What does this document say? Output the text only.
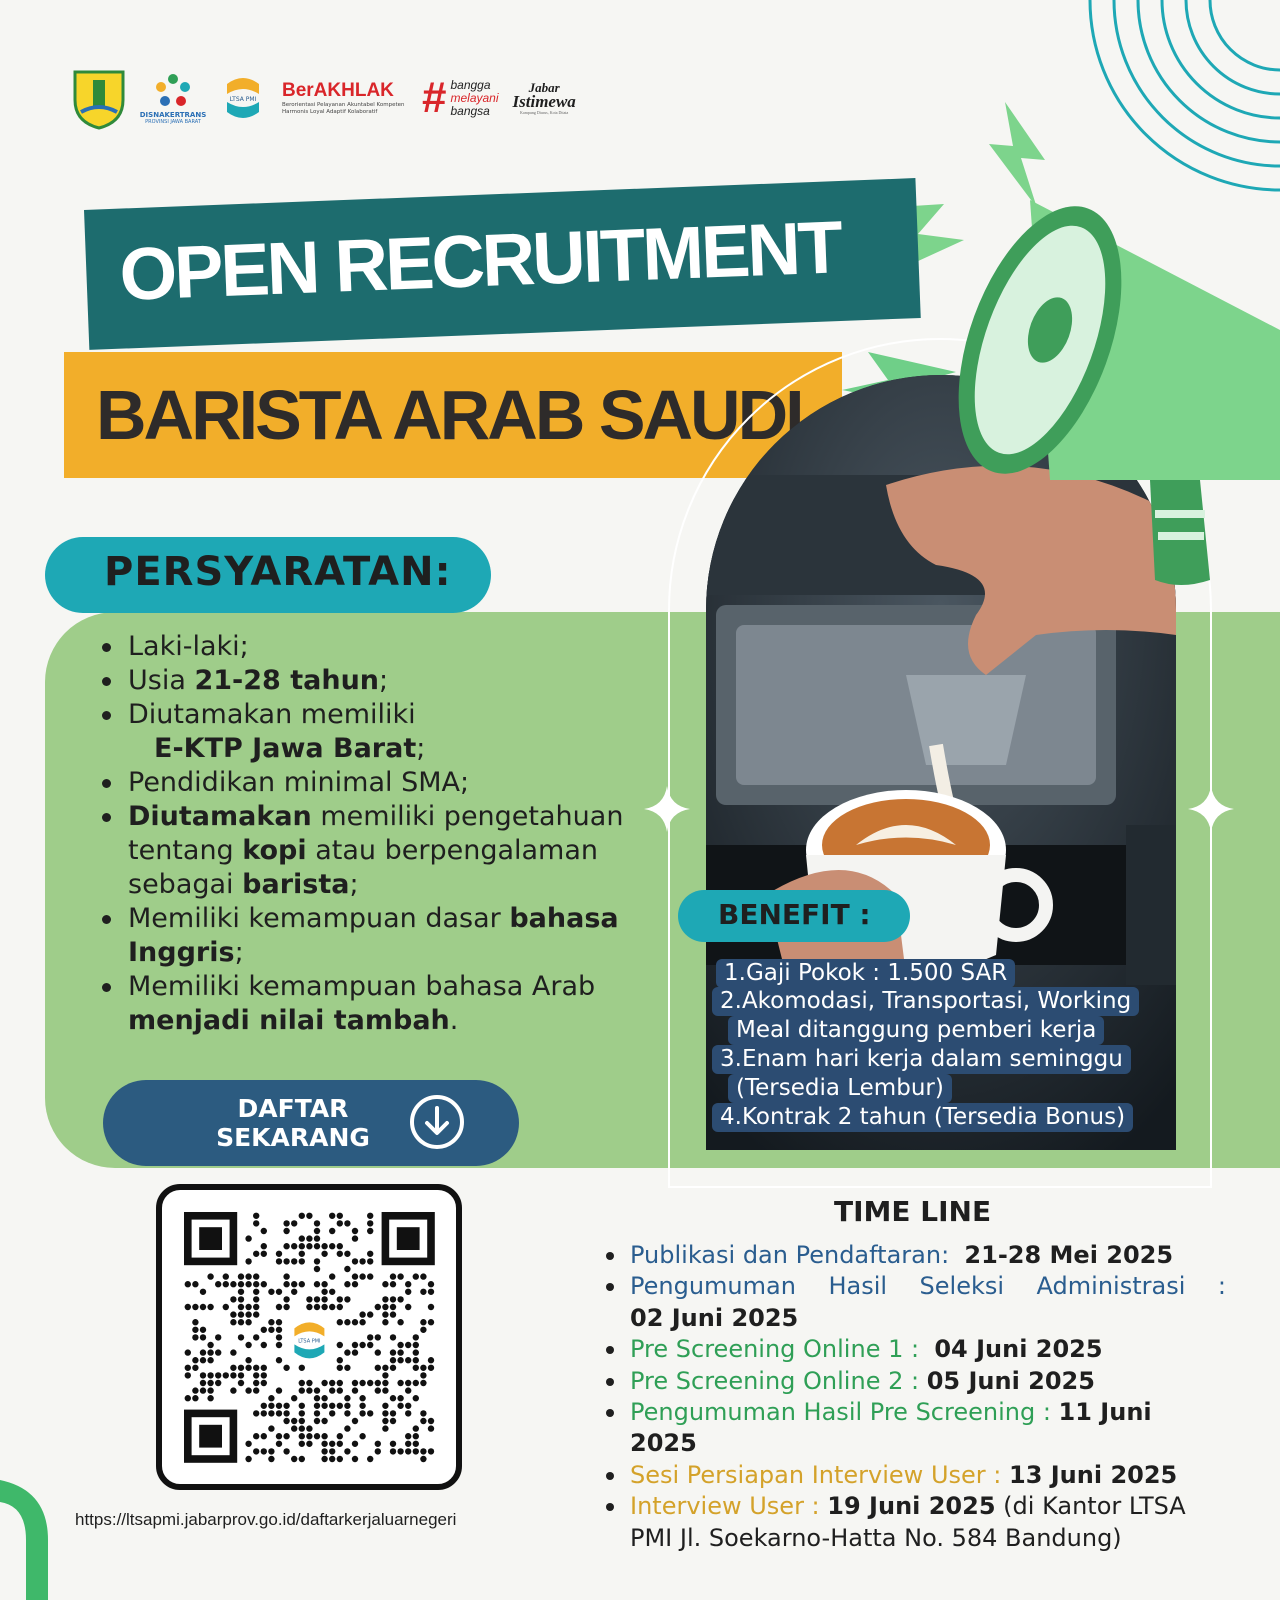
DISNAKERTRANS
PROVINSI JAWA BARAT
LTSA PMI BerAKHLAK
Berorientasi Pelayanan Akuntabel Kompeten Harmonis Loyal Adaptif Kolaboratif	# bangga
melayani
bangsa
Jabar
Istimewa
Kampung Diurus, Kota Ditata
OPEN RECRUITMENT
BARISTA ARAB SAUDI
PERSYARATAN:
Laki-laki;
Usia 21-28 tahun;
Diutamakan memiliki
E-KTP Jawa Barat;
Pendidikan minimal SMA;
Diutamakan memiliki pengetahuan tentang kopi atau berpengalaman sebagai barista;
Memiliki kemampuan dasar bahasa Inggris;
Memiliki kemampuan bahasa Arab menjadi nilai tambah.
DAFTAR
SEKARANG
BENEFIT :
1.Gaji Pokok : 1.500 SAR
2.Akomodasi, Transportasi, Working
Meal ditanggung pemberi kerja
3.Enam hari kerja dalam seminggu
(Tersedia Lembur)
4.Kontrak 2 tahun (Tersedia Bonus)
LTSA PMI
https://ltsapmi.jabarprov.go.id/daftarkerjaluarnegeri
TIME LINE
Publikasi dan Pendaftaran: 21-28 Mei 2025
Pengumuman Hasil Seleksi Administrasi :
02 Juni 2025
Pre Screening Online 1 : 04 Juni 2025
Pre Screening Online 2 : 05 Juni 2025
Pengumuman Hasil Pre Screening : 11 Juni 2025
Sesi Persiapan Interview User : 13 Juni 2025
Interview User : 19 Juni 2025 (di Kantor LTSA PMI Jl. Soekarno-Hatta No. 584 Bandung)
